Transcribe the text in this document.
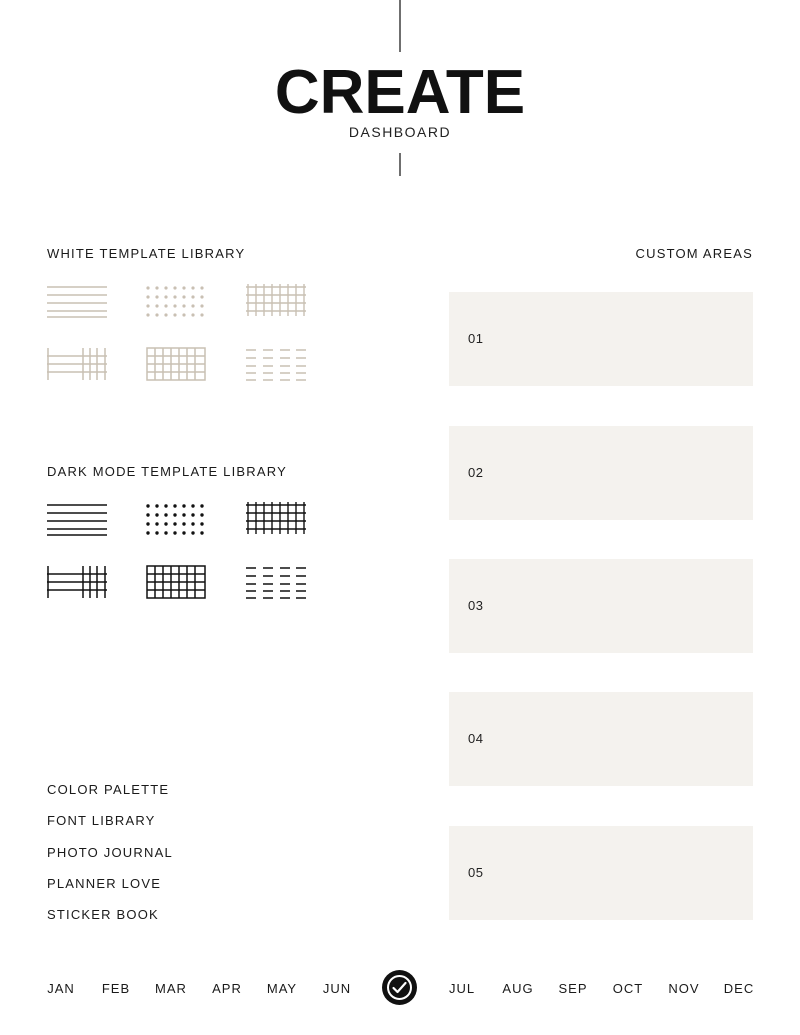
CREATE
DASHBOARD
WHITE TEMPLATE LIBRARY
DARK MODE TEMPLATE LIBRARY
CUSTOM AREAS
01
02
03
04
05
COLOR PALETTE
FONT LIBRARY
PHOTO JOURNAL
PLANNER LOVE
STICKER BOOK
JAN	FEB	MAR	APR	MAY	JUN	JUL	AUG	SEP	OCT	NOV	DEC
